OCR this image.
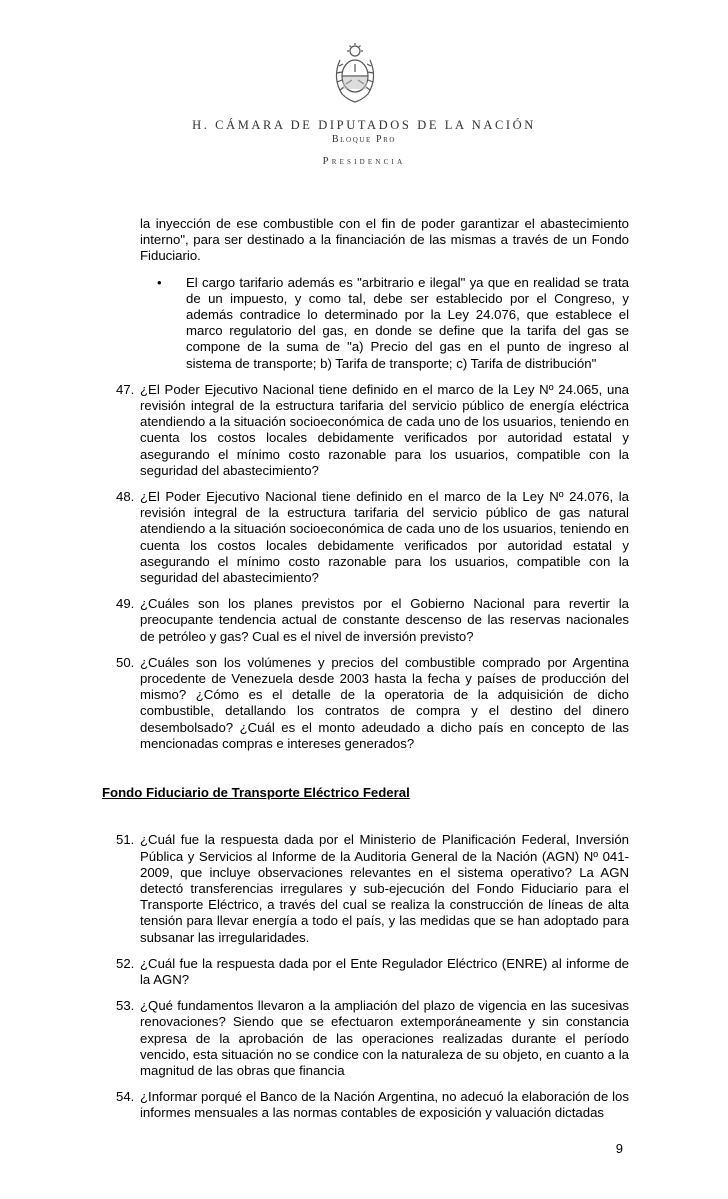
H. CÁMARA DE DIPUTADOS DE LA NACIÓN
Bloque Pro
Presidencia

la inyección de ese combustible con el fin de poder garantizar el abastecimiento interno", para ser destinado a la financiación de las mismas a través de un Fondo Fiduciario.

• El cargo tarifario además es "arbitrario e ilegal" ya que en realidad se trata de un impuesto, y como tal, debe ser establecido por el Congreso, y además contradice lo determinado por la Ley 24.076, que establece el marco regulatorio del gas, en donde se define que la tarifa del gas se compone de la suma de "a) Precio del gas en el punto de ingreso al sistema de transporte; b) Tarifa de transporte; c) Tarifa de distribución"
47. ¿El Poder Ejecutivo Nacional tiene definido en el marco de la Ley Nº 24.065, una revisión integral de la estructura tarifaria del servicio público de energía eléctrica atendiendo a la situación socioeconómica de cada uno de los usuarios, teniendo en cuenta los costos locales debidamente verificados por autoridad estatal y asegurando el mínimo costo razonable para los usuarios, compatible con la seguridad del abastecimiento?
48. ¿El Poder Ejecutivo Nacional tiene definido en el marco de la Ley Nº 24.076, la revisión integral de la estructura tarifaria del servicio público de gas natural atendiendo a la situación socioeconómica de cada uno de los usuarios, teniendo en cuenta los costos locales debidamente verificados por autoridad estatal y asegurando el mínimo costo razonable para los usuarios, compatible con la seguridad del abastecimiento?
49. ¿Cuáles son los planes previstos por el Gobierno Nacional para revertir la preocupante tendencia actual de constante descenso de las reservas nacionales de petróleo y gas? Cual es el nivel de inversión previsto?
50. ¿Cuáles son los volúmenes y precios del combustible comprado por Argentina procedente de Venezuela desde 2003 hasta la fecha y países de producción del mismo? ¿Cómo es el detalle de la operatoria de la adquisición de dicho combustible, detallando los contratos de compra y el destino del dinero desembolsado? ¿Cuál es el monto adeudado a dicho país en concepto de las mencionadas compras e intereses generados?
Fondo Fiduciario de Transporte Eléctrico Federal
51. ¿Cuál fue la respuesta dada por el Ministerio de Planificación Federal, Inversión Pública y Servicios al Informe de la Auditoria General de la Nación (AGN) Nº 041-2009, que incluye observaciones relevantes en el sistema operativo? La AGN detectó transferencias irregulares y sub-ejecución del Fondo Fiduciario para el Transporte Eléctrico, a través del cual se realiza la construcción de líneas de alta tensión para llevar energía a todo el país, y las medidas que se han adoptado para subsanar las irregularidades.
52. ¿Cuál fue la respuesta dada por el Ente Regulador Eléctrico (ENRE) al informe de la AGN?
53. ¿Qué fundamentos llevaron a la ampliación del plazo de vigencia en las sucesivas renovaciones? Siendo que se efectuaron extemporáneamente y sin constancia expresa de la aprobación de las operaciones realizadas durante el período vencido, esta situación no se condice con la naturaleza de su objeto, en cuanto a la magnitud de las obras que financia
54. ¿Informar porqué el Banco de la Nación Argentina, no adecuó la elaboración de los informes mensuales a las normas contables de exposición y valuación dictadas
9
